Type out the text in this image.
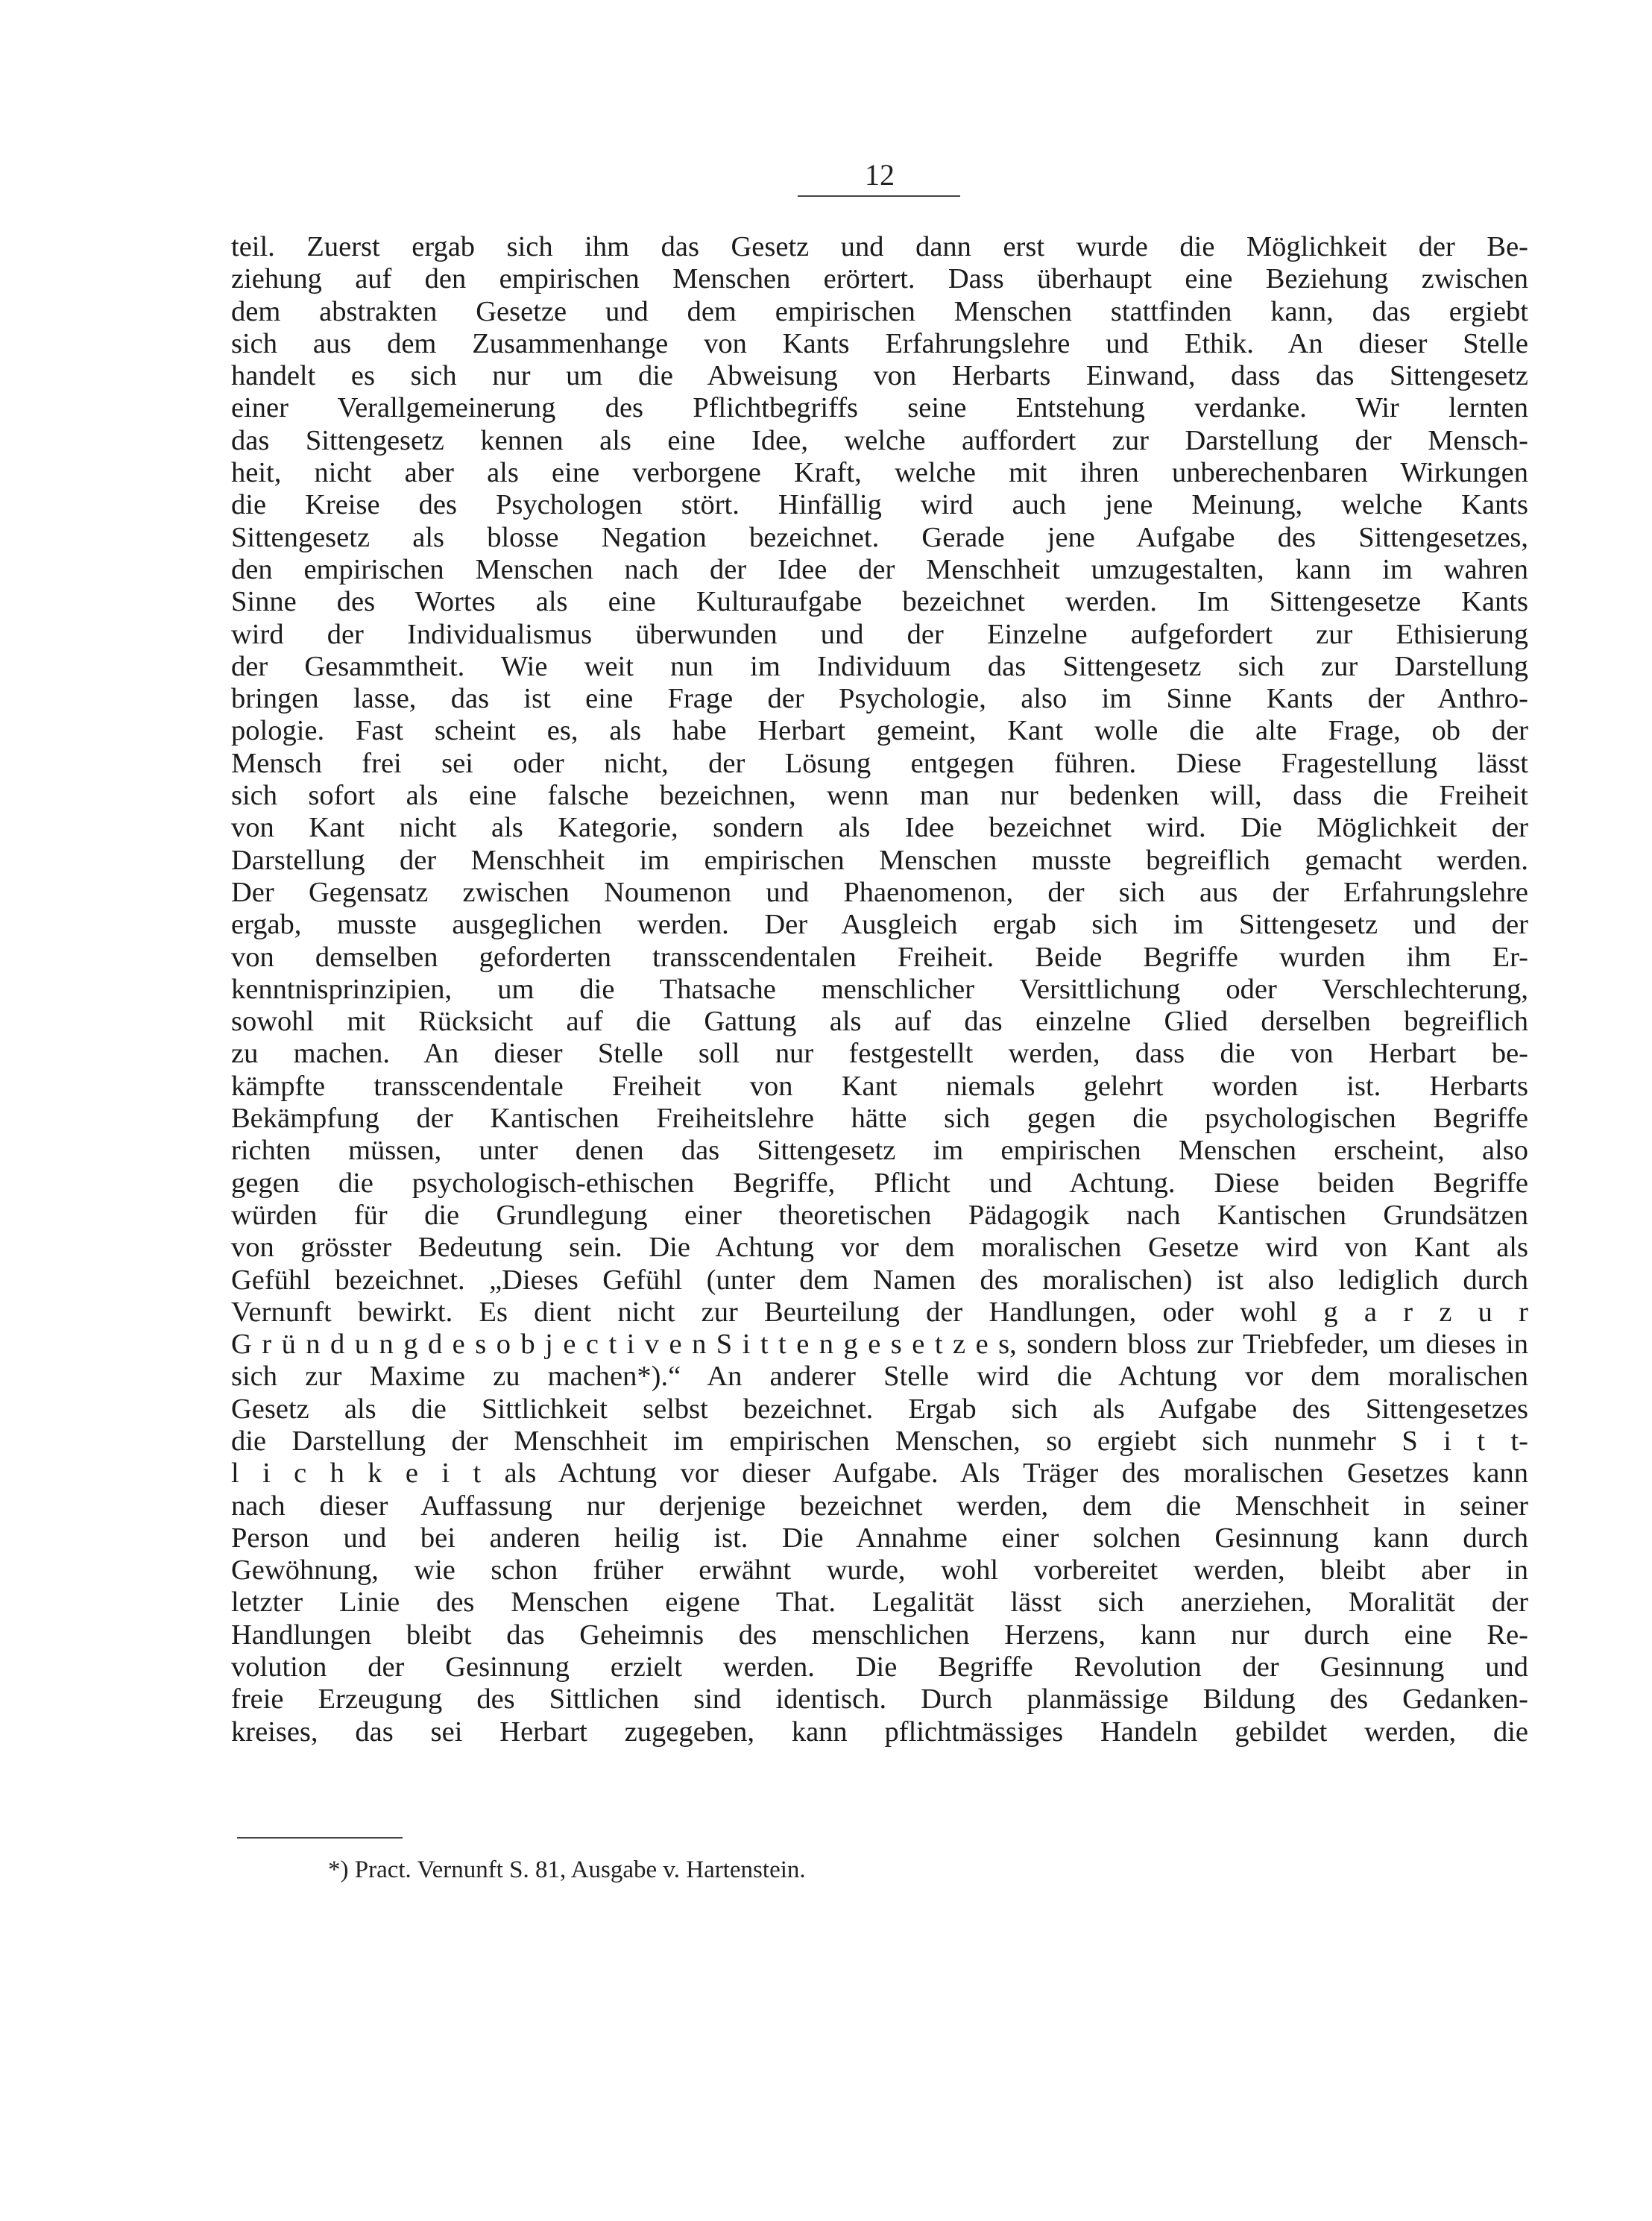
12
teil. Zuerst ergab sich ihm das Gesetz und dann erst wurde die Möglichkeit der Be-
ziehung auf den empirischen Menschen erörtert. Dass überhaupt eine Beziehung zwischen
dem abstrakten Gesetze und dem empirischen Menschen stattfinden kann, das ergiebt
sich aus dem Zusammenhange von Kants Erfahrungslehre und Ethik. An dieser Stelle
handelt es sich nur um die Abweisung von Herbarts Einwand, dass das Sittengesetz
einer Verallgemeinerung des Pflichtbegriffs seine Entstehung verdanke. Wir lernten
das Sittengesetz kennen als eine Idee, welche auffordert zur Darstellung der Mensch-
heit, nicht aber als eine verborgene Kraft, welche mit ihren unberechenbaren Wirkungen
die Kreise des Psychologen stört. Hinfällig wird auch jene Meinung, welche Kants
Sittengesetz als blosse Negation bezeichnet. Gerade jene Aufgabe des Sittengesetzes,
den empirischen Menschen nach der Idee der Menschheit umzugestalten, kann im wahren
Sinne des Wortes als eine Kulturaufgabe bezeichnet werden. Im Sittengesetze Kants
wird der Individualismus überwunden und der Einzelne aufgefordert zur Ethisierung
der Gesammtheit. Wie weit nun im Individuum das Sittengesetz sich zur Darstellung
bringen lasse, das ist eine Frage der Psychologie, also im Sinne Kants der Anthro-
pologie. Fast scheint es, als habe Herbart gemeint, Kant wolle die alte Frage, ob der
Mensch frei sei oder nicht, der Lösung entgegen führen. Diese Fragestellung lässt
sich sofort als eine falsche bezeichnen, wenn man nur bedenken will, dass die Freiheit
von Kant nicht als Kategorie, sondern als Idee bezeichnet wird. Die Möglichkeit der
Darstellung der Menschheit im empirischen Menschen musste begreiflich gemacht werden.
Der Gegensatz zwischen Noumenon und Phaenomenon, der sich aus der Erfahrungslehre
ergab, musste ausgeglichen werden. Der Ausgleich ergab sich im Sittengesetz und der
von demselben geforderten transscendentalen Freiheit. Beide Begriffe wurden ihm Er-
kenntnisprinzipien, um die Thatsache menschlicher Versittlichung oder Verschlechterung,
sowohl mit Rücksicht auf die Gattung als auf das einzelne Glied derselben begreiflich
zu machen. An dieser Stelle soll nur festgestellt werden, dass die von Herbart be-
kämpfte transscendentale Freiheit von Kant niemals gelehrt worden ist. Herbarts
Bekämpfung der Kantischen Freiheitslehre hätte sich gegen die psychologischen Begriffe
richten müssen, unter denen das Sittengesetz im empirischen Menschen erscheint, also
gegen die psychologisch-ethischen Begriffe, Pflicht und Achtung. Diese beiden Begriffe
würden für die Grundlegung einer theoretischen Pädagogik nach Kantischen Grundsätzen
von grösster Bedeutung sein. Die Achtung vor dem moralischen Gesetze wird von Kant als
Gefühl bezeichnet. „Dieses Gefühl (unter dem Namen des moralischen) ist also lediglich durch
Vernunft bewirkt. Es dient nicht zur Beurteilung der Handlungen, oder wohl g a r z u r
G r ü n d u n g d e s o b j e c t i v e n S i t t e n g e s e t z e s, sondern bloss zur Triebfeder, um dieses in
sich zur Maxime zu machen*).“ An anderer Stelle wird die Achtung vor dem moralischen
Gesetz als die Sittlichkeit selbst bezeichnet. Ergab sich als Aufgabe des Sittengesetzes
die Darstellung der Menschheit im empirischen Menschen, so ergiebt sich nunmehr S i t t-
l i c h k e i t als Achtung vor dieser Aufgabe. Als Träger des moralischen Gesetzes kann
nach dieser Auffassung nur derjenige bezeichnet werden, dem die Menschheit in seiner
Person und bei anderen heilig ist. Die Annahme einer solchen Gesinnung kann durch
Gewöhnung, wie schon früher erwähnt wurde, wohl vorbereitet werden, bleibt aber in
letzter Linie des Menschen eigene That. Legalität lässt sich anerziehen, Moralität der
Handlungen bleibt das Geheimnis des menschlichen Herzens, kann nur durch eine Re-
volution der Gesinnung erzielt werden. Die Begriffe Revolution der Gesinnung und
freie Erzeugung des Sittlichen sind identisch. Durch planmässige Bildung des Gedanken-
kreises, das sei Herbart zugegeben, kann pflichtmässiges Handeln gebildet werden, die
*) Pract. Vernunft S. 81, Ausgabe v. Hartenstein.
